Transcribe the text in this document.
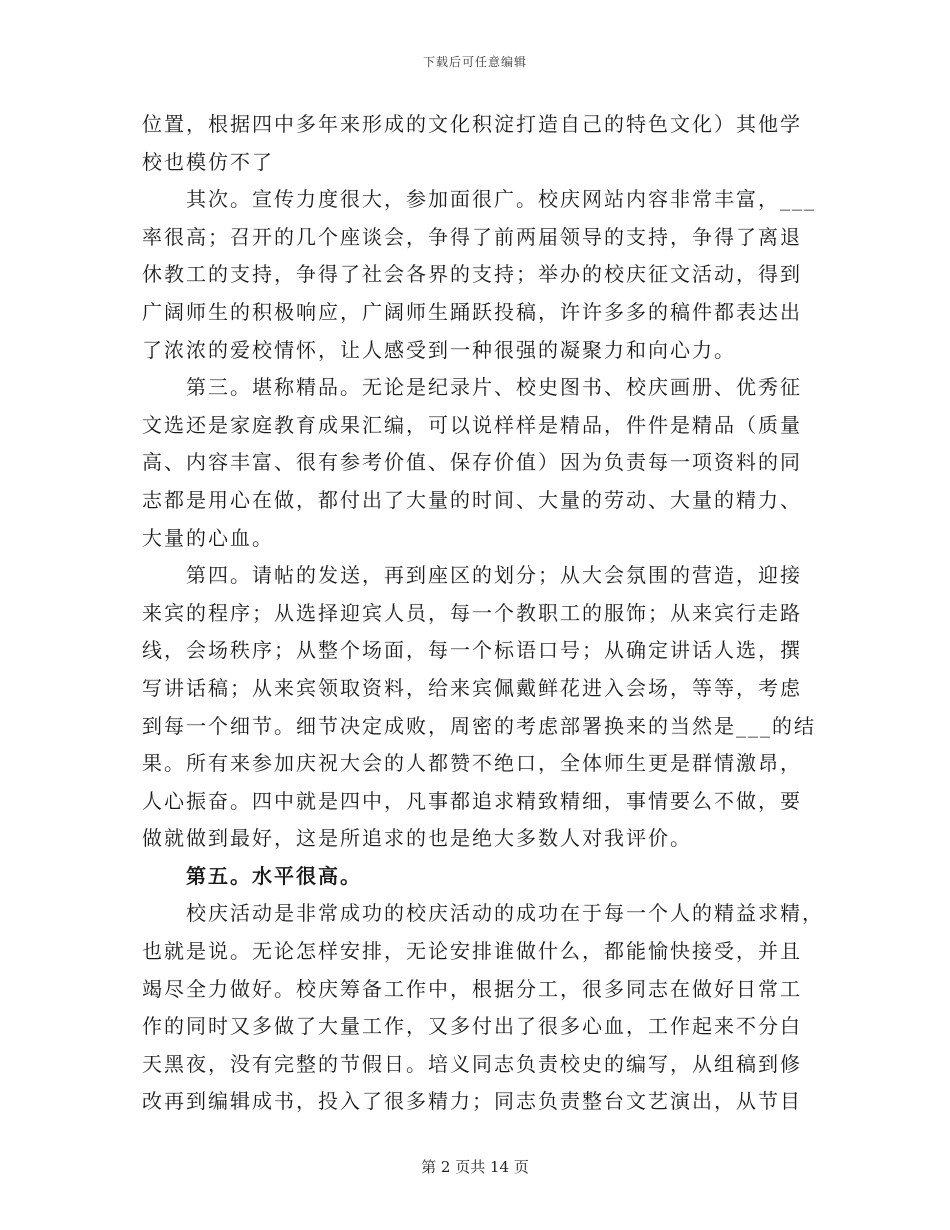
下载后可任意编辑
位置，根据四中多年来形成的文化积淀打造自己的特色文化）其他学
校也模仿不了
　　其次。宣传力度很大，参加面很广。校庆网站内容非常丰富，___
率很高；召开的几个座谈会，争得了前两届领导的支持，争得了离退
休教工的支持，争得了社会各界的支持；举办的校庆征文活动，得到
广阔师生的积极响应，广阔师生踊跃投稿，许许多多的稿件都表达出
了浓浓的爱校情怀，让人感受到一种很强的凝聚力和向心力。
　　第三。堪称精品。无论是纪录片、校史图书、校庆画册、优秀征
文选还是家庭教育成果汇编，可以说样样是精品，件件是精品（质量
高、内容丰富、很有参考价值、保存价值）因为负责每一项资料的同
志都是用心在做，都付出了大量的时间、大量的劳动、大量的精力、
大量的心血。
　　第四。请帖的发送，再到座区的划分；从大会氛围的营造，迎接
来宾的程序；从选择迎宾人员，每一个教职工的服饰；从来宾行走路
线，会场秩序；从整个场面，每一个标语口号；从确定讲话人选，撰
写讲话稿；从来宾领取资料，给来宾佩戴鲜花进入会场，等等，考虑
到每一个细节。细节决定成败，周密的考虑部署换来的当然是___的结
果。所有来参加庆祝大会的人都赞不绝口，全体师生更是群情激昂，
人心振奋。四中就是四中，凡事都追求精致精细，事情要么不做，要
做就做到最好，这是所追求的也是绝大多数人对我评价。
　　第五。水平很高。
　　校庆活动是非常成功的校庆活动的成功在于每一个人的精益求精，
也就是说。无论怎样安排，无论安排谁做什么，都能愉快接受，并且
竭尽全力做好。校庆筹备工作中，根据分工，很多同志在做好日常工
作的同时又多做了大量工作，又多付出了很多心血，工作起来不分白
天黑夜，没有完整的节假日。培义同志负责校史的编写，从组稿到修
改再到编辑成书，投入了很多精力；同志负责整台文艺演出，从节目
第 2 页共 14 页
